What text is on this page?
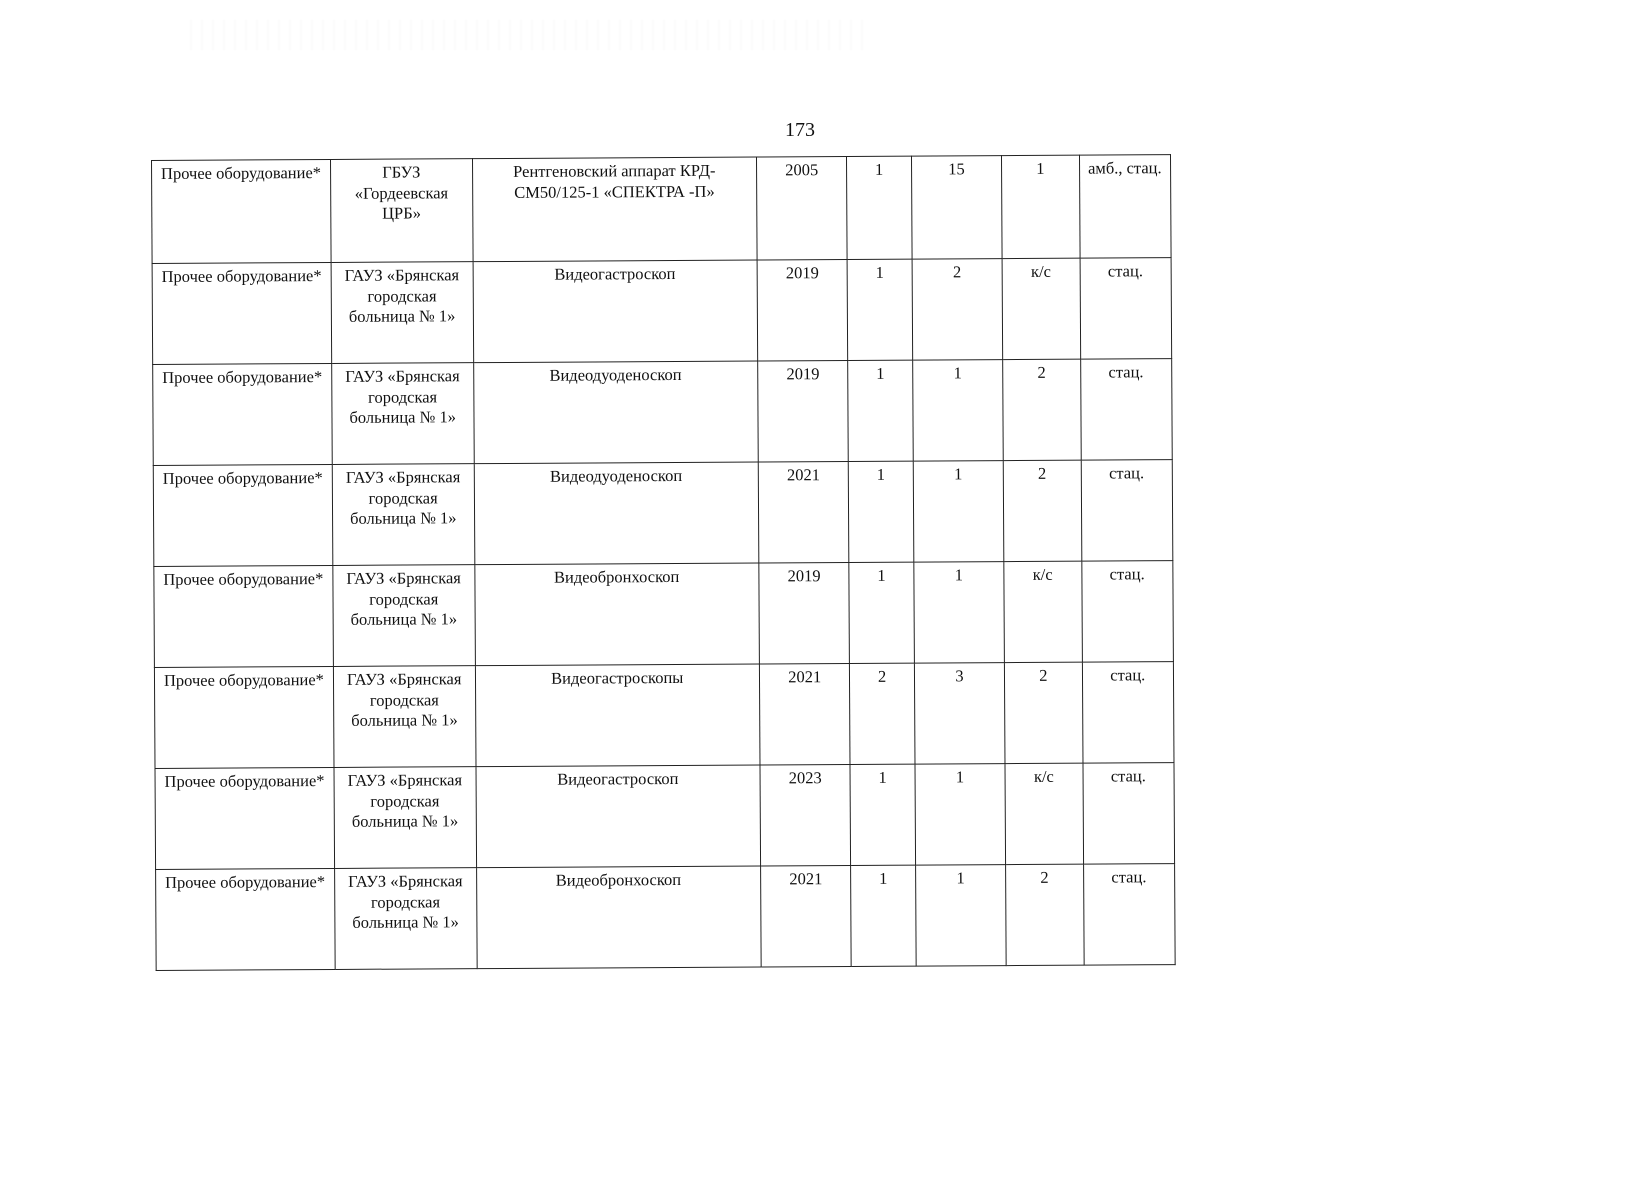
173
Прочее оборудование*	ГБУЗ «Гордеевская ЦРБ»	Рентгеновский аппарат КРД-СМ50/125-1 «СПЕКТРА -П»	2005	1	15	1	амб., стац.
Прочее оборудование*	ГАУЗ «Брянская городская больница № 1»	Видеогастроскоп	2019	1	2	к/с	стац.
Прочее оборудование*	ГАУЗ «Брянская городская больница № 1»	Видеодуоденоскоп	2019	1	1	2	стац.
Прочее оборудование*	ГАУЗ «Брянская городская больница № 1»	Видеодуоденоскоп	2021	1	1	2	стац.
Прочее оборудование*	ГАУЗ «Брянская городская больница № 1»	Видеобронхоскоп	2019	1	1	к/с	стац.
Прочее оборудование*	ГАУЗ «Брянская городская больница № 1»	Видеогастроскопы	2021	2	3	2	стац.
Прочее оборудование*	ГАУЗ «Брянская городская больница № 1»	Видеогастроскоп	2023	1	1	к/с	стац.
Прочее оборудование*	ГАУЗ «Брянская городская больница № 1»	Видеобронхоскоп	2021	1	1	2	стац.
